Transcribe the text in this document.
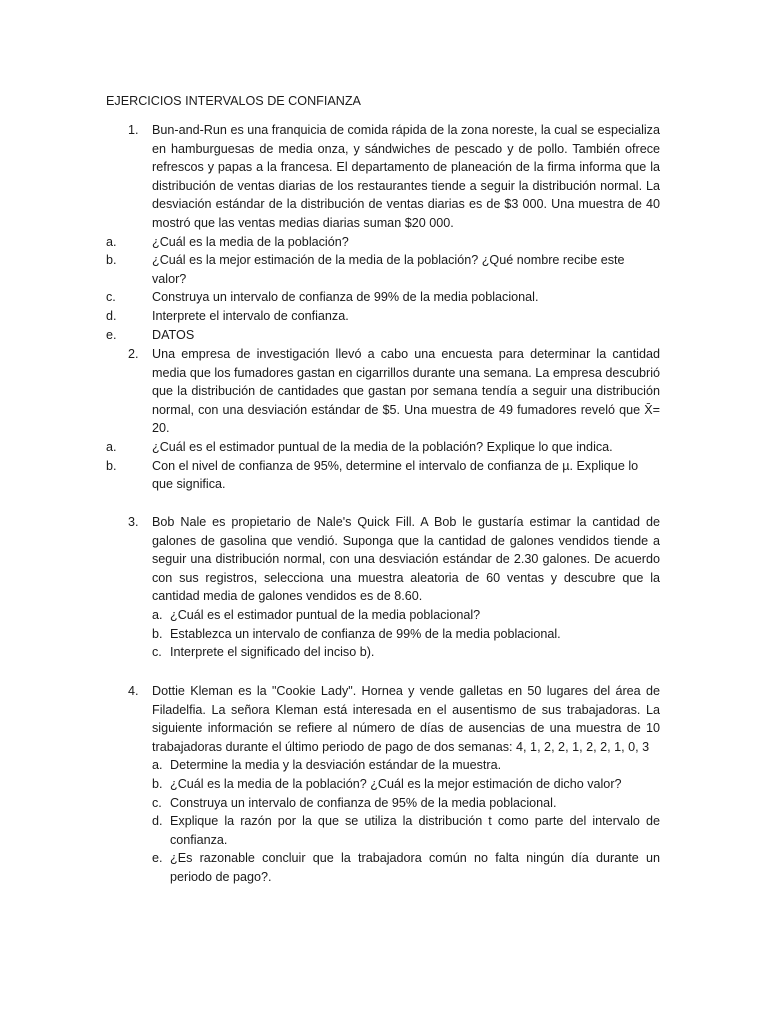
EJERCICIOS INTERVALOS DE CONFIANZA
1. Bun-and-Run es una franquicia de comida rápida de la zona noreste, la cual se especializa en hamburguesas de media onza, y sándwiches de pescado y de pollo. También ofrece refrescos y papas a la francesa. El departamento de planeación de la firma informa que la distribución de ventas diarias de los restaurantes tiende a seguir la distribución normal. La desviación estándar de la distribución de ventas diarias es de $3 000. Una muestra de 40 mostró que las ventas medias diarias suman $20 000.
a.	¿Cuál es la media de la población?
b.	¿Cuál es la mejor estimación de la media de la población? ¿Qué nombre recibe este valor?
c.	Construya un intervalo de confianza de 99% de la media poblacional.
d.	Interprete el intervalo de confianza.
e.	DATOS
2. Una empresa de investigación llevó a cabo una encuesta para determinar la cantidad media que los fumadores gastan en cigarrillos durante una semana. La empresa descubrió que la distribución de cantidades que gastan por semana tendía a seguir una distribución normal, con una desviación estándar de $5. Una muestra de 49 fumadores reveló que X̄= 20.
a.	¿Cuál es el estimador puntual de la media de la población? Explique lo que indica.
b.	Con el nivel de confianza de 95%, determine el intervalo de confianza de µ. Explique lo que significa.
3. Bob Nale es propietario de Nale's Quick Fill. A Bob le gustaría estimar la cantidad de galones de gasolina que vendió. Suponga que la cantidad de galones vendidos tiende a seguir una distribución normal, con una desviación estándar de 2.30 galones. De acuerdo con sus registros, selecciona una muestra aleatoria de 60 ventas y descubre que la cantidad media de galones vendidos es de 8.60.
a. ¿Cuál es el estimador puntual de la media poblacional?
b. Establezca un intervalo de confianza de 99% de la media poblacional.
c. Interprete el significado del inciso b).
4. Dottie Kleman es la "Cookie Lady". Hornea y vende galletas en 50 lugares del área de Filadelfia. La señora Kleman está interesada en el ausentismo de sus trabajadoras. La siguiente información se refiere al número de días de ausencias de una muestra de 10 trabajadoras durante el último periodo de pago de dos semanas: 4, 1, 2, 2, 1, 2, 2, 1, 0, 3
a. Determine la media y la desviación estándar de la muestra.
b. ¿Cuál es la media de la población? ¿Cuál es la mejor estimación de dicho valor?
c. Construya un intervalo de confianza de 95% de la media poblacional.
d. Explique la razón por la que se utiliza la distribución t como parte del intervalo de confianza.
e. ¿Es razonable concluir que la trabajadora común no falta ningún día durante un periodo de pago?.
